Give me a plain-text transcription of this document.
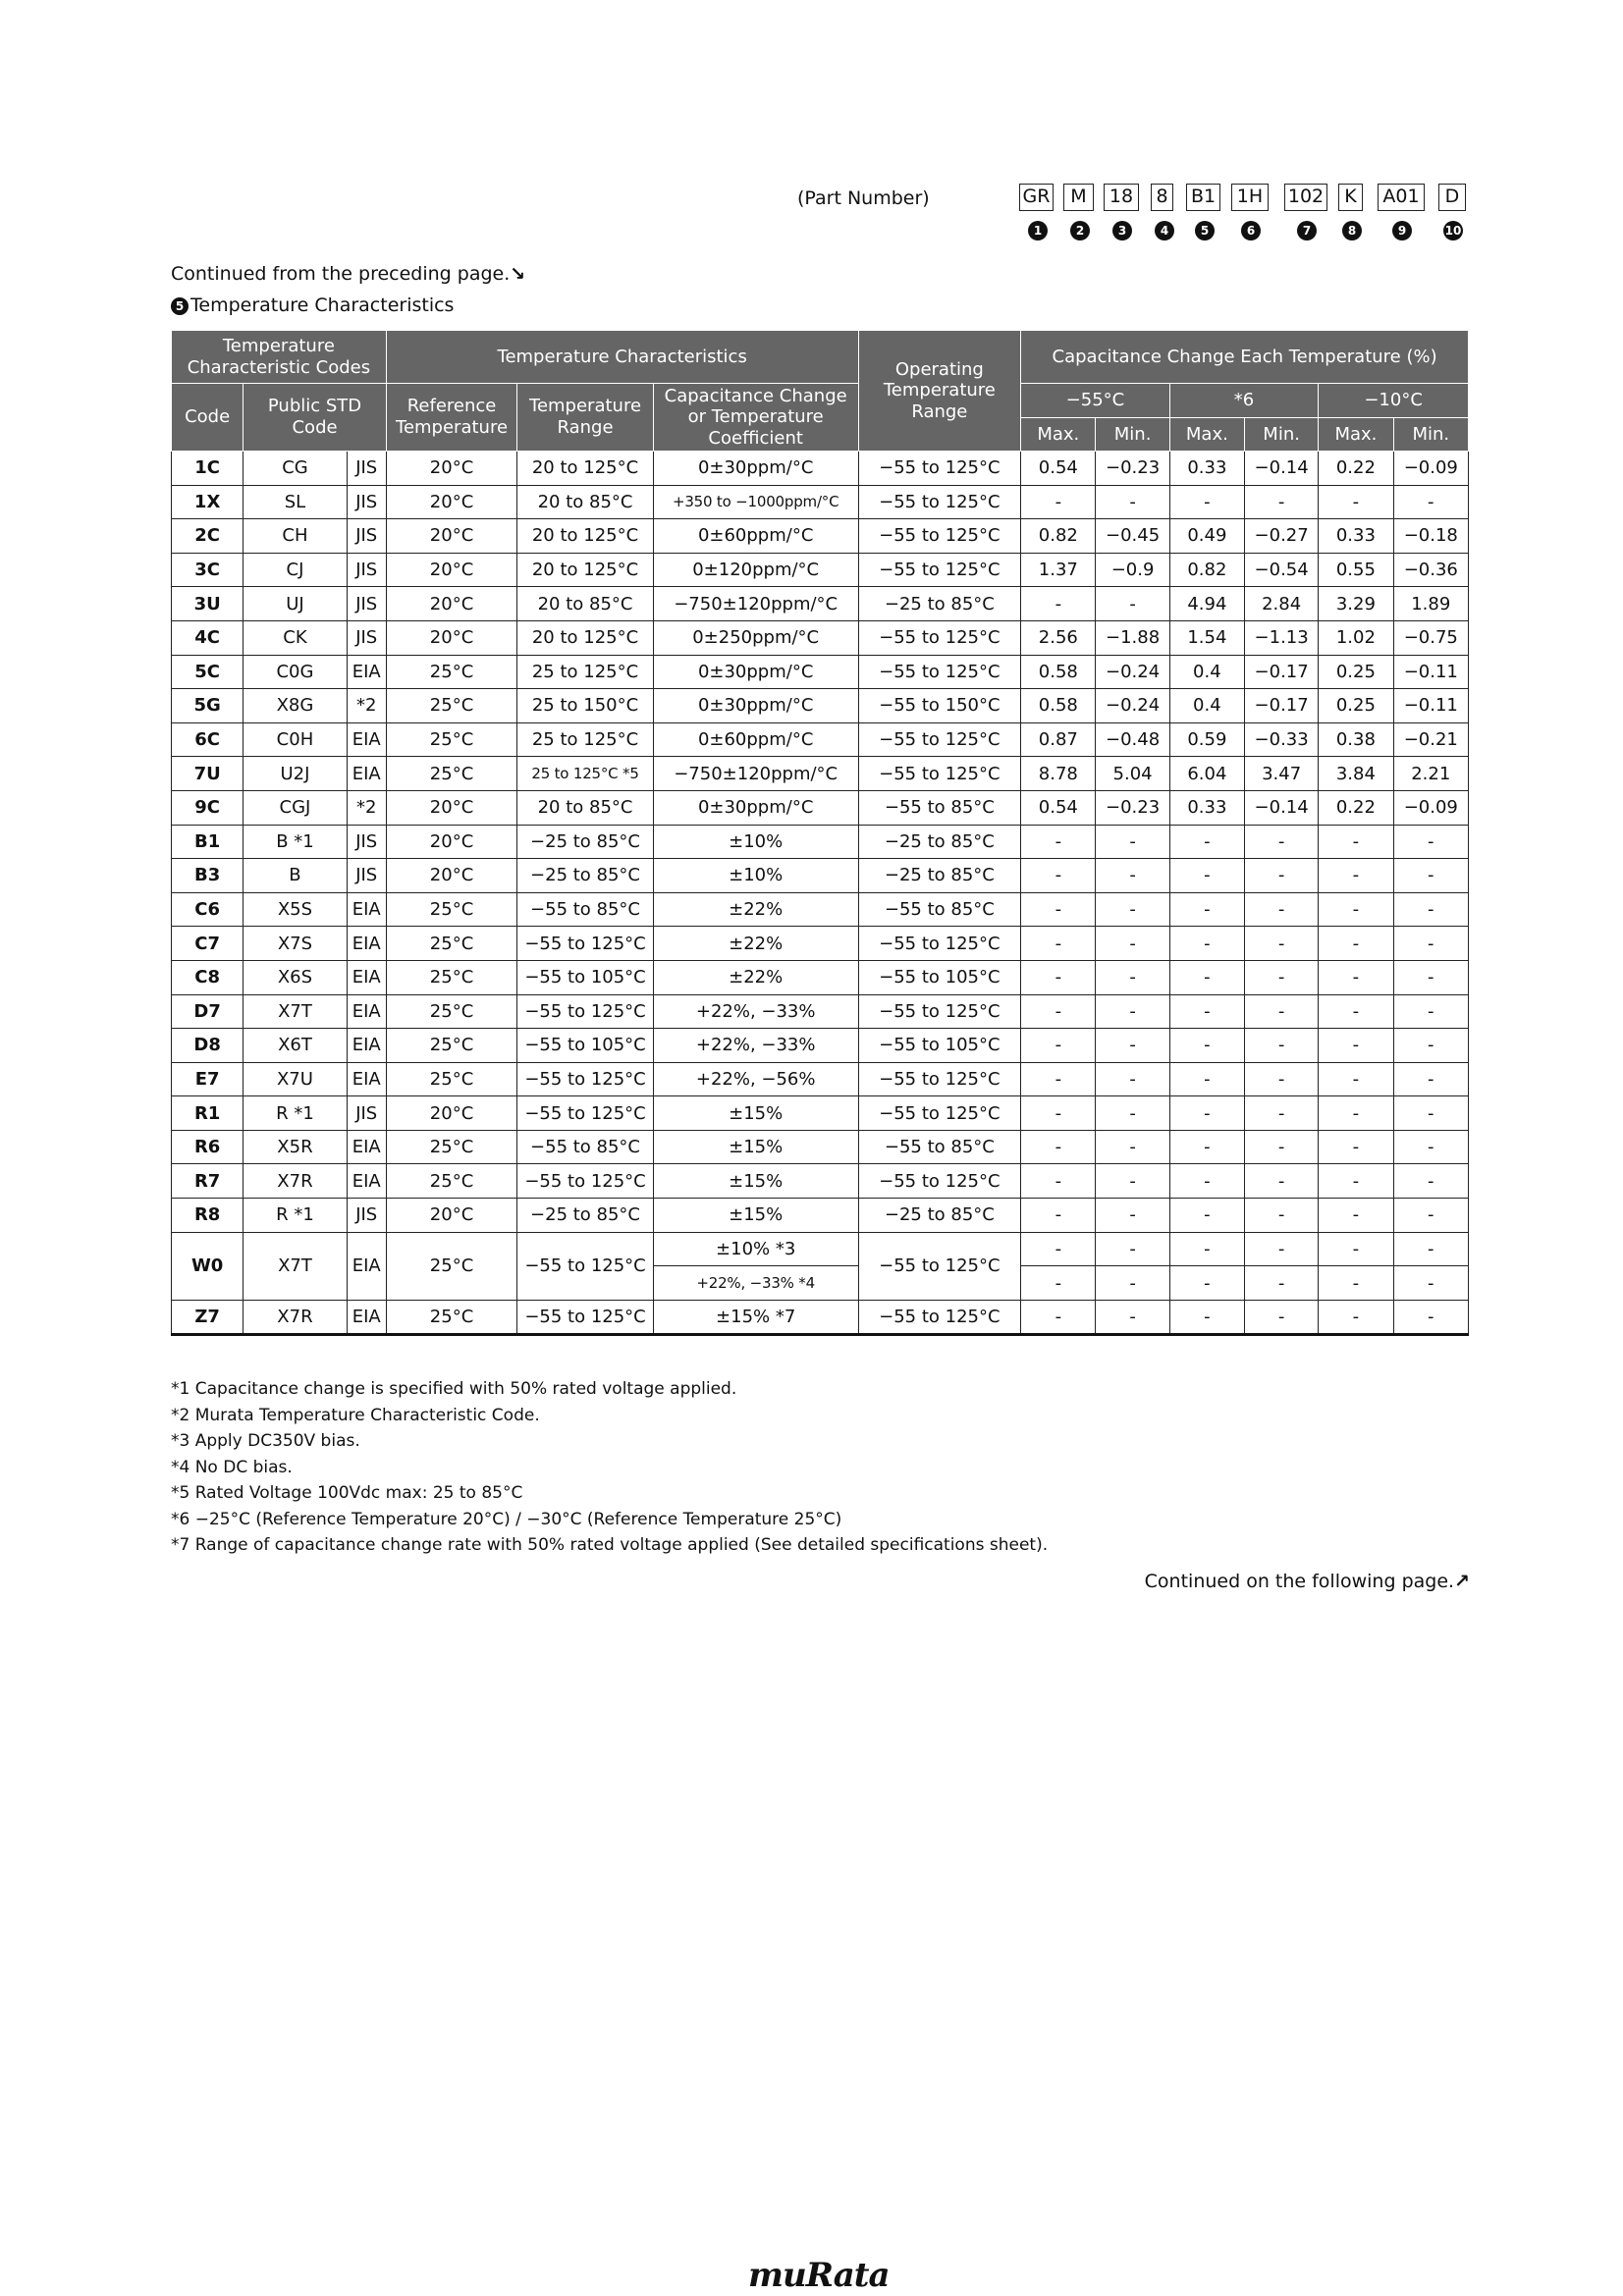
(Part Number)	GR
1
M
2
18
3
8
4
B1
5
1H
6
102
7
K
8
A01
9
D
10
Continued from the preceding page.↘
5 Temperature Characteristics
Temperature Characteristic Codes			Temperature Characteristics			Operating Temperature Range	Capacitance Change Each Temperature (%)					
Code	Public STD Code		Reference Temperature	Temperature Range	Capacitance Change or Temperature Coefficient		−55°C		*6		−10°C	
							Max.	Min.	Max.	Min.	Max.	Min.
1C	CG	JIS	20°C	20 to 125°C	0±30ppm/°C	−55 to 125°C	0.54	−0.23	0.33	−0.14	0.22	−0.09
1X	SL	JIS	20°C	20 to 85°C	+350 to −1000ppm/°C	−55 to 125°C	-	-	-	-	-	-
2C	CH	JIS	20°C	20 to 125°C	0±60ppm/°C	−55 to 125°C	0.82	−0.45	0.49	−0.27	0.33	−0.18
3C	CJ	JIS	20°C	20 to 125°C	0±120ppm/°C	−55 to 125°C	1.37	−0.9	0.82	−0.54	0.55	−0.36
3U	UJ	JIS	20°C	20 to 85°C	−750±120ppm/°C	−25 to 85°C	-	-	4.94	2.84	3.29	1.89
4C	CK	JIS	20°C	20 to 125°C	0±250ppm/°C	−55 to 125°C	2.56	−1.88	1.54	−1.13	1.02	−0.75
5C	C0G	EIA	25°C	25 to 125°C	0±30ppm/°C	−55 to 125°C	0.58	−0.24	0.4	−0.17	0.25	−0.11
5G	X8G	*2	25°C	25 to 150°C	0±30ppm/°C	−55 to 150°C	0.58	−0.24	0.4	−0.17	0.25	−0.11
6C	C0H	EIA	25°C	25 to 125°C	0±60ppm/°C	−55 to 125°C	0.87	−0.48	0.59	−0.33	0.38	−0.21
7U	U2J	EIA	25°C	25 to 125°C *5	−750±120ppm/°C	−55 to 125°C	8.78	5.04	6.04	3.47	3.84	2.21
9C	CGJ	*2	20°C	20 to 85°C	0±30ppm/°C	−55 to 85°C	0.54	−0.23	0.33	−0.14	0.22	−0.09
B1	B *1	JIS	20°C	−25 to 85°C	±10%	−25 to 85°C	-	-	-	-	-	-
B3	B	JIS	20°C	−25 to 85°C	±10%	−25 to 85°C	-	-	-	-	-	-
C6	X5S	EIA	25°C	−55 to 85°C	±22%	−55 to 85°C	-	-	-	-	-	-
C7	X7S	EIA	25°C	−55 to 125°C	±22%	−55 to 125°C	-	-	-	-	-	-
C8	X6S	EIA	25°C	−55 to 105°C	±22%	−55 to 105°C	-	-	-	-	-	-
D7	X7T	EIA	25°C	−55 to 125°C	+22%, −33%	−55 to 125°C	-	-	-	-	-	-
D8	X6T	EIA	25°C	−55 to 105°C	+22%, −33%	−55 to 105°C	-	-	-	-	-	-
E7	X7U	EIA	25°C	−55 to 125°C	+22%, −56%	−55 to 125°C	-	-	-	-	-	-
R1	R *1	JIS	20°C	−55 to 125°C	±15%	−55 to 125°C	-	-	-	-	-	-
R6	X5R	EIA	25°C	−55 to 85°C	±15%	−55 to 85°C	-	-	-	-	-	-
R7	X7R	EIA	25°C	−55 to 125°C	±15%	−55 to 125°C	-	-	-	-	-	-
R8	R *1	JIS	20°C	−25 to 85°C	±15%	−25 to 85°C	-	-	-	-	-	-
W0	X7T	EIA	25°C	−55 to 125°C	±10% *3	−55 to 125°C	-	-	-	-	-	-
					+22%, −33% *4		-	-	-	-	-	-
Z7	X7R	EIA	25°C	−55 to 125°C	±15% *7	−55 to 125°C	-	-	-	-	-	-
*1 Capacitance change is specified with 50% rated voltage applied.
*2 Murata Temperature Characteristic Code.
*3 Apply DC350V bias.
*4 No DC bias.
*5 Rated Voltage 100Vdc max: 25 to 85°C
*6 −25°C (Reference Temperature 20°C) / −30°C (Reference Temperature 25°C)
*7 Range of capacitance change rate with 50% rated voltage applied (See detailed specifications sheet).
Continued on the following page.↗
muRata
